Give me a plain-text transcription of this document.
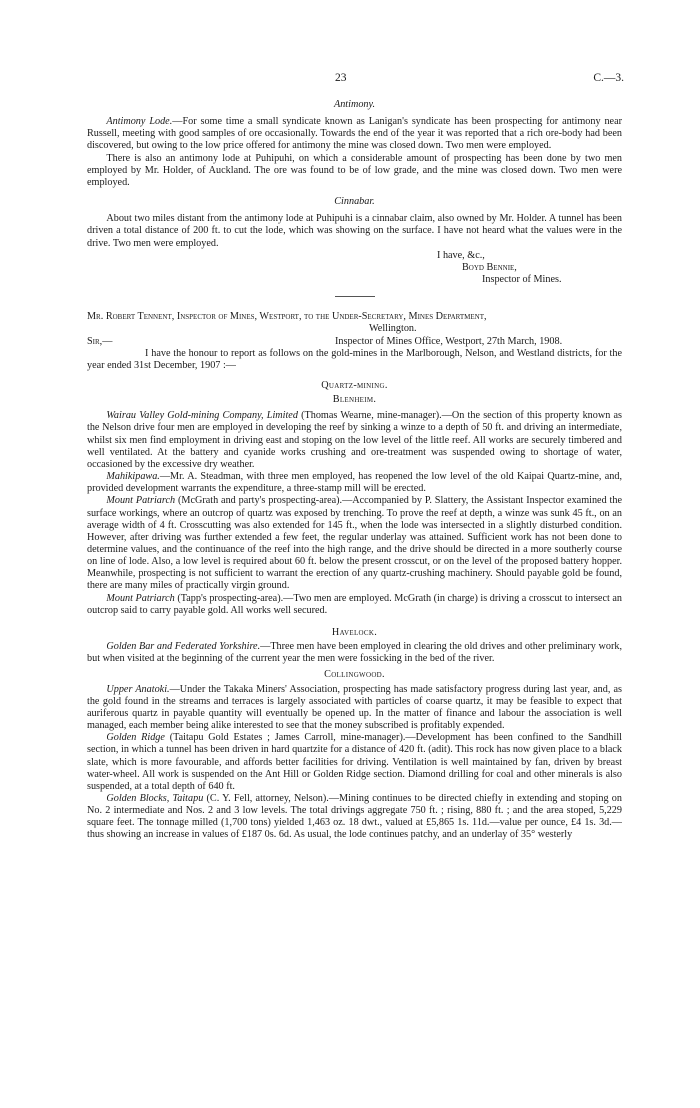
23	C.—3.
Antimony.

Antimony Lode.—For some time a small syndicate known as Lanigan's syndicate has been prospecting for antimony near Russell, meeting with good samples of ore occasionally. Towards the end of the year it was reported that a rich ore-body had been discovered, but owing to the low price offered for antimony the mine was closed down. Two men were employed.

There is also an antimony lode at Puhipuhi, on which a considerable amount of prospecting has been done by two men employed by Mr. Holder, of Auckland. The ore was found to be of low grade, and the mine was closed down. Two men were employed.

Cinnabar.

About two miles distant from the antimony lode at Puhipuhi is a cinnabar claim, also owned by Mr. Holder. A tunnel has been driven a total distance of 200 ft. to cut the lode, which was showing on the surface. I have not heard what the values were in the drive. Two men were employed.

I have, &c.,
Boyd Bennie,
Inspector of Mines.

Mr. Robert Tennent, Inspector of Mines, Westport, to the Under-Secretary, Mines Department,

Wellington.
Sir,—	Inspector of Mines Office, Westport, 27th March, 1908.

I have the honour to report as follows on the gold-mines in the Marlborough, Nelson, and Westland districts, for the year ended 31st December, 1907 :—

Quartz-mining.
Blenheim.

Wairau Valley Gold-mining Company, Limited (Thomas Wearne, mine-manager).—On the section of this property known as the Nelson drive four men are employed in developing the reef by sinking a winze to a depth of 50 ft. and driving an intermediate, whilst six men find employment in driving east and stoping on the low level of the little reef. All works are securely timbered and well ventilated. At the battery and cyanide works crushing and ore-treatment was suspended owing to shortage of water, occasioned by the excessive dry weather.

Mahikipawa.—Mr. A. Steadman, with three men employed, has reopened the low level of the old Kaipai Quartz-mine, and, provided development warrants the expenditure, a three-stamp mill will be erected.

Mount Patriarch (McGrath and party's prospecting-area).—Accompanied by P. Slattery, the Assistant Inspector examined the surface workings, where an outcrop of quartz was exposed by trenching. To prove the reef at depth, a winze was sunk 45 ft., on an average width of 4 ft. Crosscutting was also extended for 145 ft., when the lode was intersected in a slightly disturbed condition. However, after driving was further extended a few feet, the regular underlay was attained. Sufficient work has not been done to determine values, and the continuance of the reef into the high range, and the drive should be directed in a more southerly course on line of lode. Also, a low level is required about 60 ft. below the present crosscut, or on the level of the proposed battery hopper. Meanwhile, prospecting is not sufficient to warrant the erection of any quartz-crushing machinery. Should payable gold be found, there are many miles of practically virgin ground.

Mount Patriarch (Tapp's prospecting-area).—Two men are employed. McGrath (in charge) is driving a crosscut to intersect an outcrop said to carry payable gold. All works well secured.

Havelock.

Golden Bar and Federated Yorkshire.—Three men have been employed in clearing the old drives and other preliminary work, but when visited at the beginning of the current year the men were fossicking in the bed of the river.

Collingwood.

Upper Anatoki.—Under the Takaka Miners' Association, prospecting has made satisfactory progress during last year, and, as the gold found in the streams and terraces is largely associated with particles of coarse quartz, it may be feasible to expect that auriferous quartz in payable quantity will eventually be opened up. In the matter of finance and labour the association is well managed, each member being alike interested to see that the money subscribed is profitably expended.

Golden Ridge (Taitapu Gold Estates ; James Carroll, mine-manager).—Development has been confined to the Sandhill section, in which a tunnel has been driven in hard quartzite for a distance of 420 ft. (adit). This rock has now given place to a black slate, which is more favourable, and affords better facilities for driving. Ventilation is well maintained by fan, driven by breast water-wheel. All work is suspended on the Ant Hill or Golden Ridge section. Diamond drilling for coal and other minerals is also suspended, at a total depth of 640 ft.

Golden Blocks, Taitapu (C. Y. Fell, attorney, Nelson).—Mining continues to be directed chiefly in extending and stoping on No. 2 intermediate and Nos. 2 and 3 low levels. The total drivings aggregate 750 ft. ; rising, 880 ft. ; and the area stoped, 5,229 square feet. The tonnage milled (1,700 tons) yielded 1,463 oz. 18 dwt., valued at £5,865 1s. 11d.—value per ounce, £4 1s. 3d.—thus showing an increase in values of £187 0s. 6d. As usual, the lode continues patchy, and an underlay of 35° westerly
